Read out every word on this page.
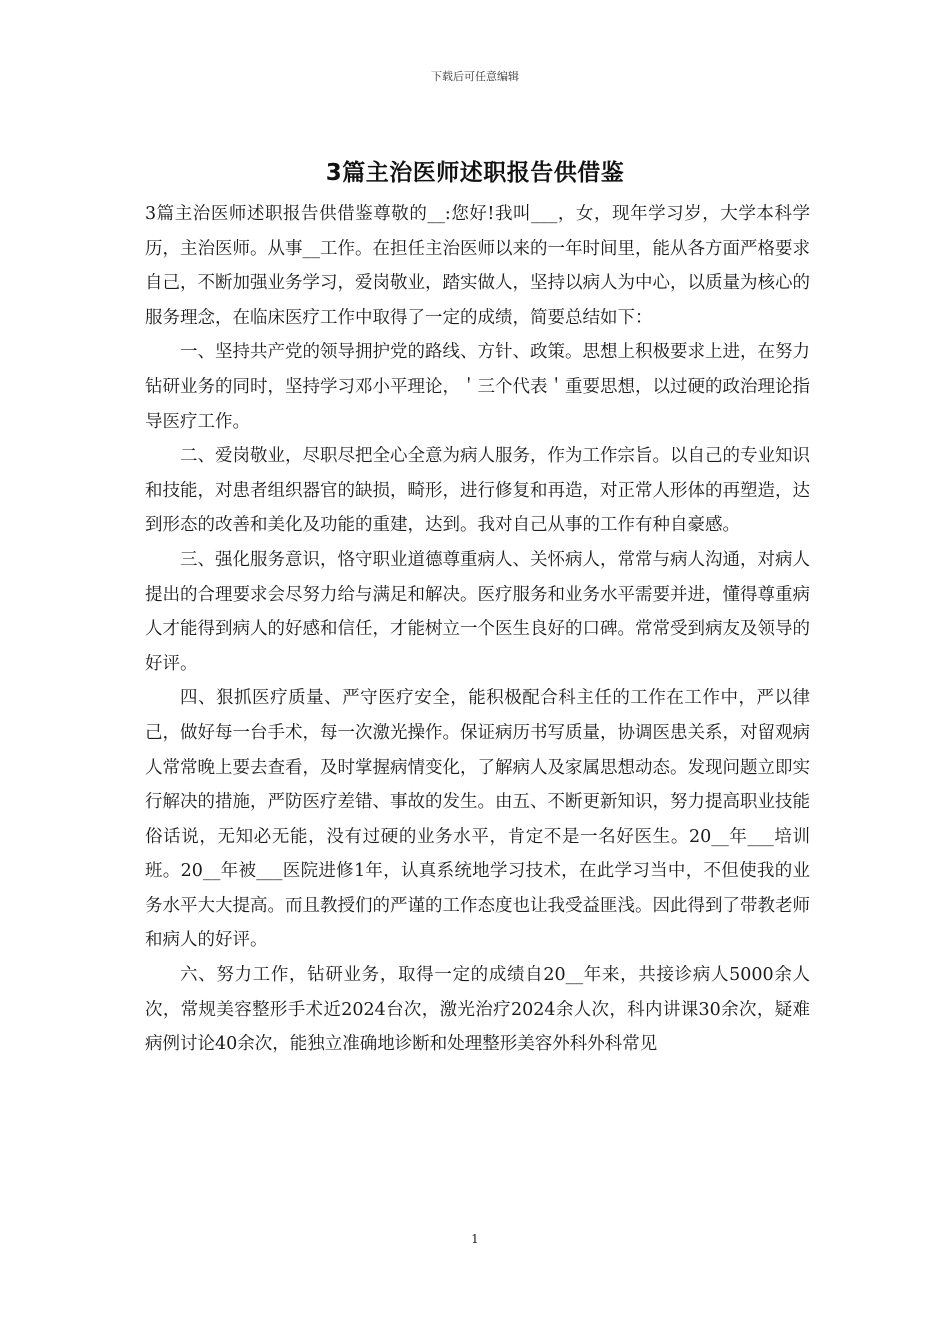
下载后可任意编辑
3篇主治医师述职报告供借鉴

3篇主治医师述职报告供借鉴尊敬的__:您好!我叫___，女，现年学习岁，大学本科学历，主治医师。从事__工作。在担任主治医师以来的一年时间里，能从各方面严格要求自己，不断加强业务学习，爱岗敬业，踏实做人，坚持以病人为中心，以质量为核心的服务理念，在临床医疗工作中取得了一定的成绩，简要总结如下：

一、坚持共产党的领导拥护党的路线、方针、政策。思想上积极要求上进，在努力钻研业务的同时，坚持学习邓小平理论，＇三个代表＇重要思想，以过硬的政治理论指导医疗工作。

二、爱岗敬业，尽职尽把全心全意为病人服务，作为工作宗旨。以自己的专业知识和技能，对患者组织器官的缺损，畸形，进行修复和再造，对正常人形体的再塑造，达到形态的改善和美化及功能的重建，达到。我对自己从事的工作有种自豪感。

三、强化服务意识，恪守职业道德尊重病人、关怀病人，常常与病人沟通，对病人提出的合理要求会尽努力给与满足和解决。医疗服务和业务水平需要并进，懂得尊重病人才能得到病人的好感和信任，才能树立一个医生良好的口碑。常常受到病友及领导的好评。

四、狠抓医疗质量、严守医疗安全，能积极配合科主任的工作在工作中，严以律己，做好每一台手术，每一次激光操作。保证病历书写质量，协调医患关系，对留观病人常常晚上要去查看，及时掌握病情变化，了解病人及家属思想动态。发现问题立即实行解决的措施，严防医疗差错、事故的发生。由五、不断更新知识，努力提高职业技能俗话说，无知必无能，没有过硬的业务水平，肯定不是一名好医生。20__年___培训班。20__年被___医院进修1年，认真系统地学习技术，在此学习当中，不但使我的业务水平大大提高。而且教授们的严谨的工作态度也让我受益匪浅。因此得到了带教老师和病人的好评。

六、努力工作，钻研业务，取得一定的成绩自20__年来，共接诊病人5000余人次，常规美容整形手术近2024台次，激光治疗2024余人次，科内讲课30余次，疑难病例讨论40余次，能独立准确地诊断和处理整形美容外科外科常见

1
